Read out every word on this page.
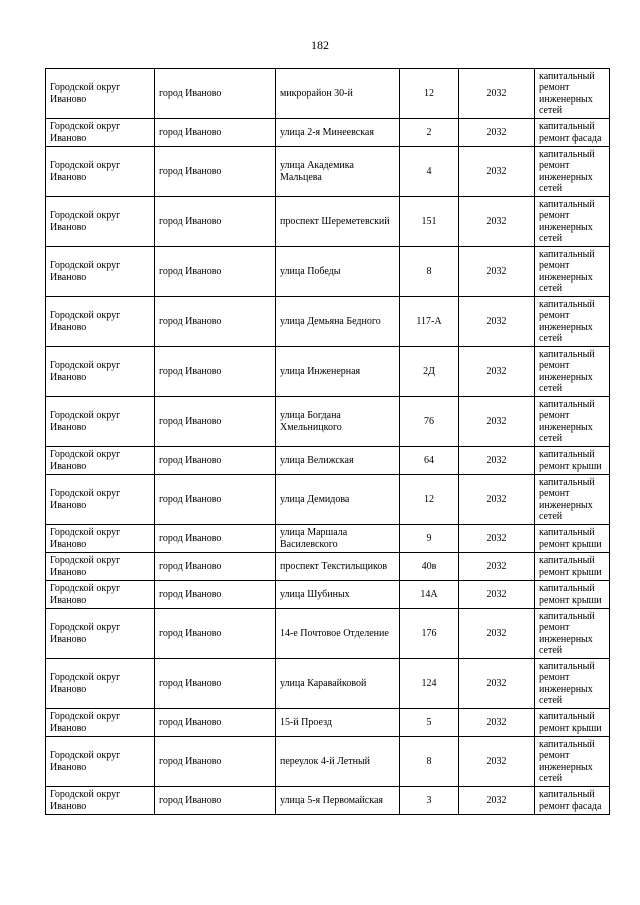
182
Городской округ Иваново	город Иваново	микрорайон 30-й	12	2032	капитальный ремонт инженерных сетей
Городской округ Иваново	город Иваново	улица 2-я Минеевская	2	2032	капитальный ремонт фасада
Городской округ Иваново	город Иваново	улица Академика Мальцева	4	2032	капитальный ремонт инженерных сетей
Городской округ Иваново	город Иваново	проспект Шереметевский	151	2032	капитальный ремонт инженерных сетей
Городской округ Иваново	город Иваново	улица Победы	8	2032	капитальный ремонт инженерных сетей
Городской округ Иваново	город Иваново	улица Демьяна Бедного	117-А	2032	капитальный ремонт инженерных сетей
Городской округ Иваново	город Иваново	улица Инженерная	2Д	2032	капитальный ремонт инженерных сетей
Городской округ Иваново	город Иваново	улица Богдана Хмельницкого	76	2032	капитальный ремонт инженерных сетей
Городской округ Иваново	город Иваново	улица Велижская	64	2032	капитальный ремонт крыши
Городской округ Иваново	город Иваново	улица Демидова	12	2032	капитальный ремонт инженерных сетей
Городской округ Иваново	город Иваново	улица Маршала Василевского	9	2032	капитальный ремонт крыши
Городской округ Иваново	город Иваново	проспект Текстильщиков	40в	2032	капитальный ремонт крыши
Городской округ Иваново	город Иваново	улица Шубиных	14А	2032	капитальный ремонт крыши
Городской округ Иваново	город Иваново	14-е Почтовое Отделение	176	2032	капитальный ремонт инженерных сетей
Городской округ Иваново	город Иваново	улица Каравайковой	124	2032	капитальный ремонт инженерных сетей
Городской округ Иваново	город Иваново	15-й Проезд	5	2032	капитальный ремонт крыши
Городской округ Иваново	город Иваново	переулок 4-й Летный	8	2032	капитальный ремонт инженерных сетей
Городской округ Иваново	город Иваново	улица 5-я Первомайская	3	2032	капитальный ремонт фасада
